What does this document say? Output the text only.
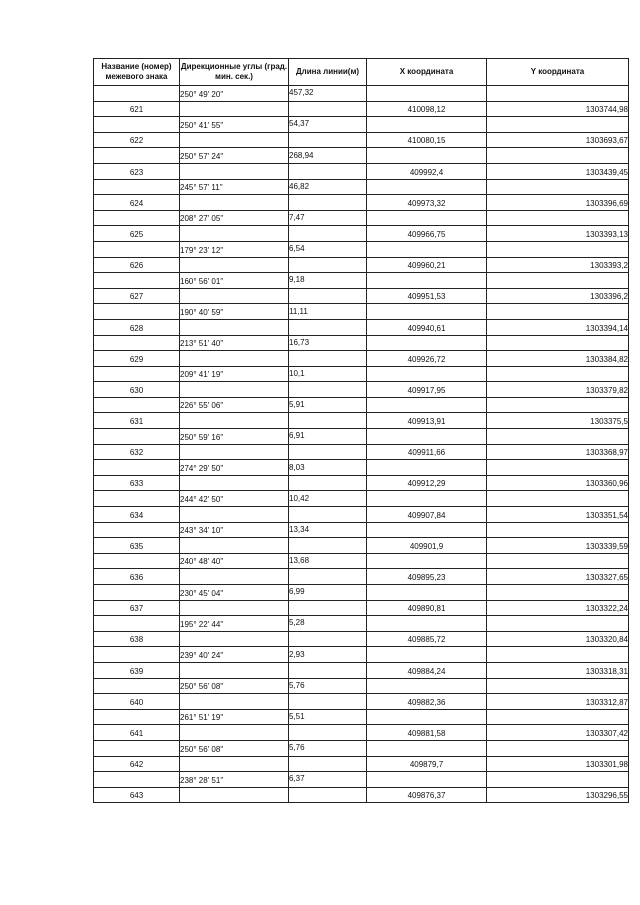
Название (номер) межевого знака	Дирекционные углы (град. мин. сек.)	Длина линии(м)	X координата	Y координата
	250° 49' 20"	457,32		
621			410098,12	1303744,98
	250° 41' 55"	54,37		
622			410080,15	1303693,67
	250° 57' 24"	268,94		
623			409992,4	1303439,45
	245° 57' 11"	46,82		
624			409973,32	1303396,69
	208° 27' 05"	7,47		
625			409966,75	1303393,13
	179° 23' 12"	6,54		
626			409960,21	1303393,2
	160° 56' 01"	9,18		
627			409951,53	1303396,2
	190° 40' 59"	11,11		
628			409940,61	1303394,14
	213° 51' 40"	16,73		
629			409926,72	1303384,82
	209° 41' 19"	10,1		
630			409917,95	1303379,82
	226° 55' 06"	5,91		
631			409913,91	1303375,5
	250° 59' 16"	6,91		
632			409911,66	1303368,97
	274° 29' 50"	8,03		
633			409912,29	1303360,96
	244° 42' 50"	10,42		
634			409907,84	1303351,54
	243° 34' 10"	13,34		
635			409901,9	1303339,59
	240° 48' 40"	13,68		
636			409895,23	1303327,65
	230° 45' 04"	6,99		
637			409890,81	1303322,24
	195° 22' 44"	5,28		
638			409885,72	1303320,84
	239° 40' 24"	2,93		
639			409884,24	1303318,31
	250° 56' 08"	5,76		
640			409882,36	1303312,87
	261° 51' 19"	5,51		
641			409881,58	1303307,42
	250° 56' 08"	5,76		
642			409879,7	1303301,98
	238° 28' 51"	6,37		
643			409876,37	1303296,55
